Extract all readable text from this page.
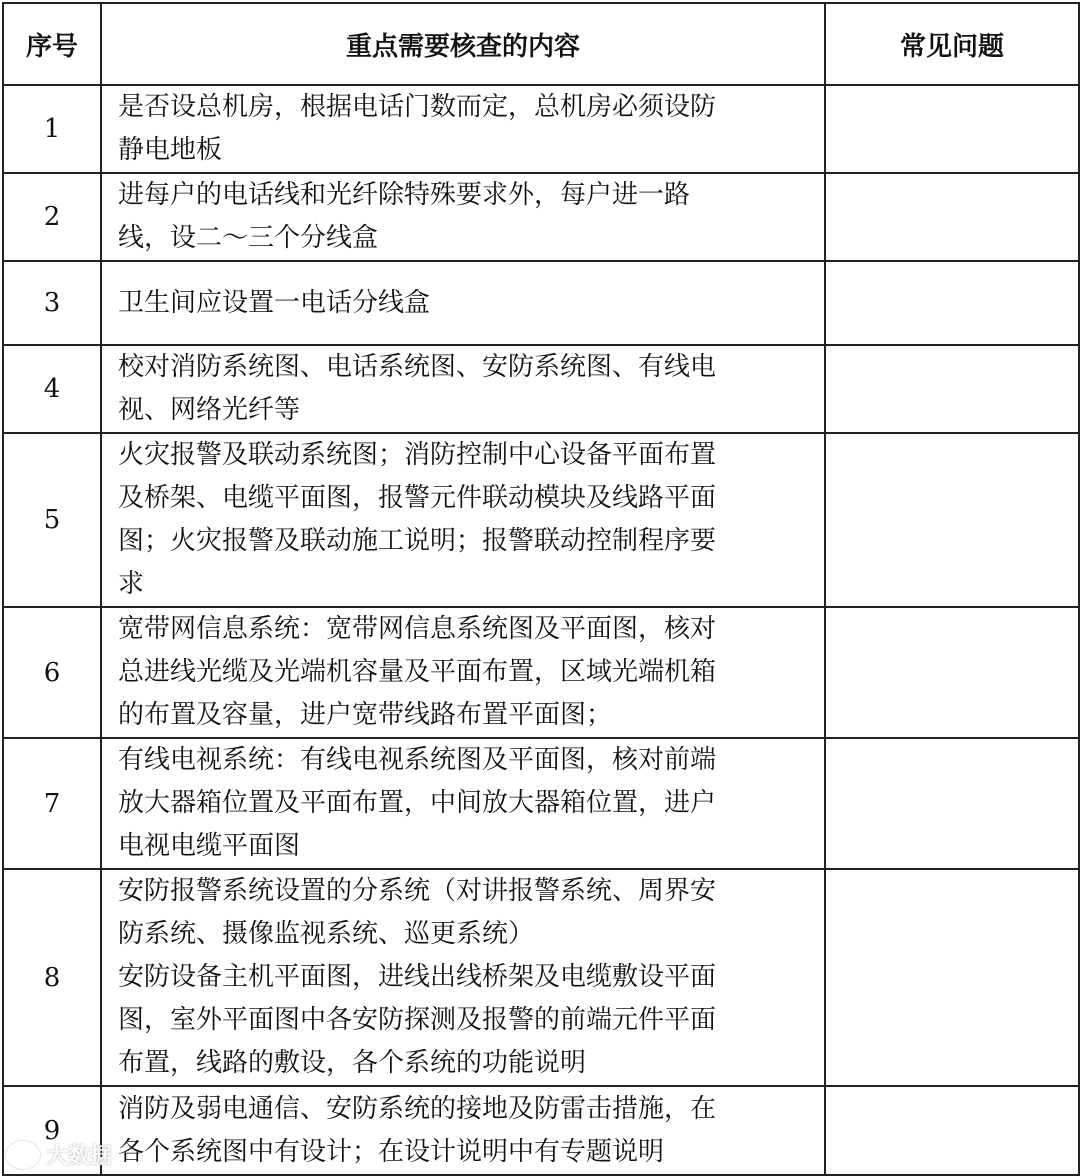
序号	重点需要核查的内容	常见问题
1	是否设总机房，根据电话门数而定，总机房必须设防
静电地板	

2	进每户的电话线和光纤除特殊要求外，每户进一路
线，设二～三个分线盒	

3	卫生间应设置一电话分线盒	

4	校对消防系统图、电话系统图、安防系统图、有线电
视、网络光纤等	

5	火灾报警及联动系统图；消防控制中心设备平面布置
及桥架、电缆平面图，报警元件联动模块及线路平面
图；火灾报警及联动施工说明；报警联动控制程序要
求	

6	宽带网信息系统：宽带网信息系统图及平面图，核对
总进线光缆及光端机容量及平面布置，区域光端机箱
的布置及容量，进户宽带线路布置平面图；	

7	有线电视系统：有线电视系统图及平面图，核对前端
放大器箱位置及平面布置，中间放大器箱位置，进户
电视电缆平面图	

8	安防报警系统设置的分系统（对讲报警系统、周界安
防系统、摄像监视系统、巡更系统）
安防设备主机平面图，进线出线桥架及电缆敷设平面
图，室外平面图中各安防探测及报警的前端元件平面
布置，线路的敷设，各个系统的功能说明	

9	消防及弱电通信、安防系统的接地及防雷击措施，在
各个系统图中有设计；在设计说明中有专题说明	

大数据
